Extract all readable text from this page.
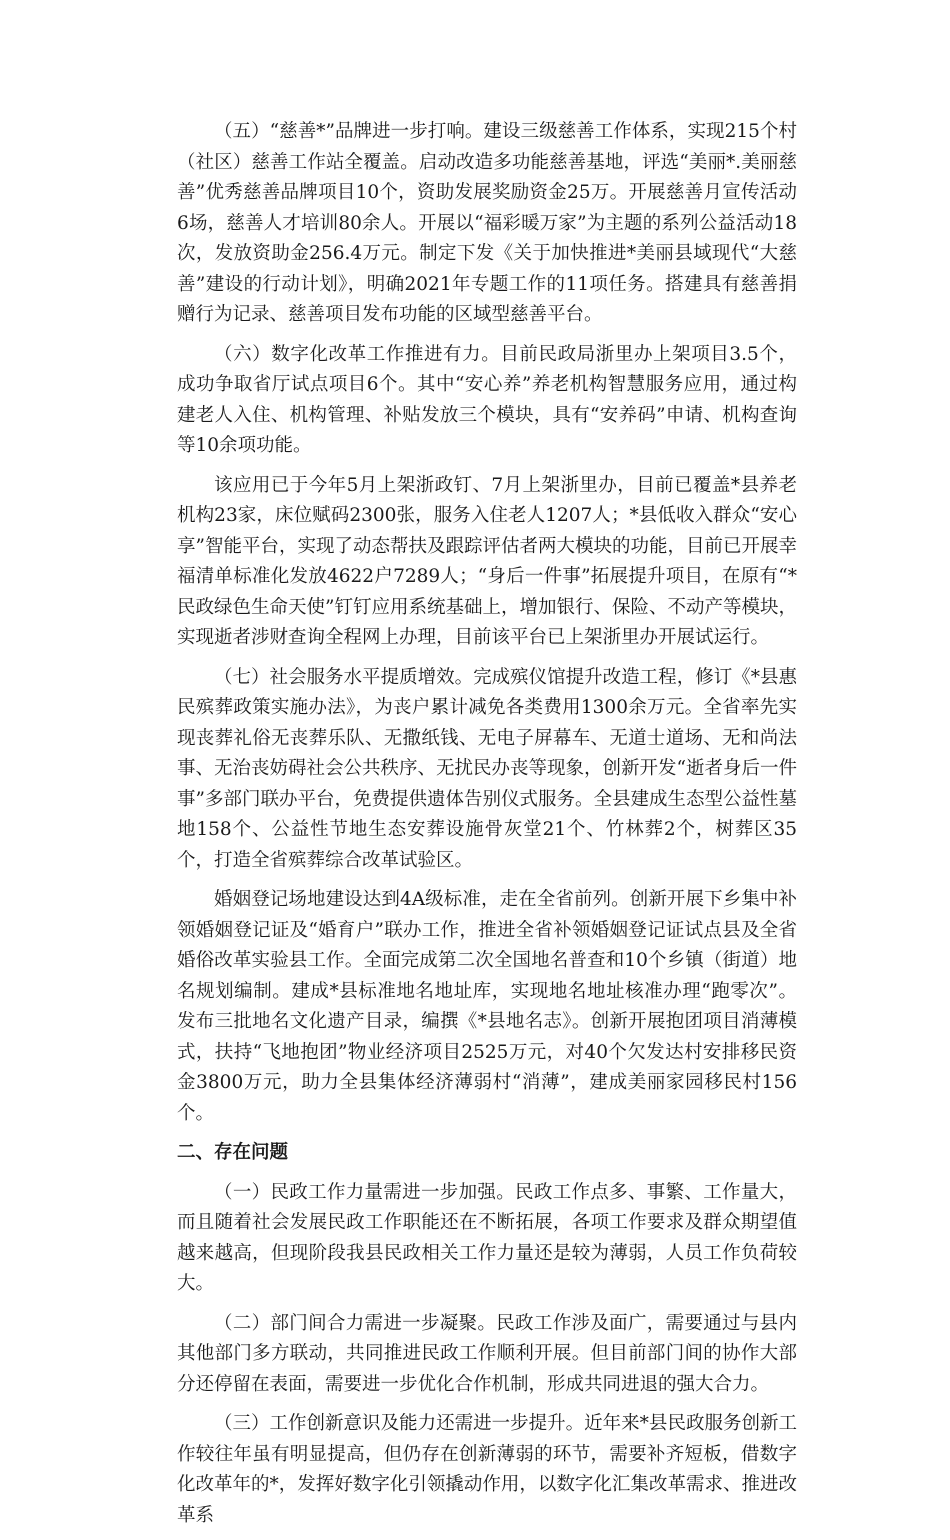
（五）“慈善*”品牌进一步打响。建设三级慈善工作体系，实现215个村（社区）慈善工作站全覆盖。启动改造多功能慈善基地，评选“美丽*.美丽慈善”优秀慈善品牌项目10个，资助发展奖励资金25万。开展慈善月宣传活动6场，慈善人才培训80余人。开展以“福彩暖万家”为主题的系列公益活动18次，发放资助金256.4万元。制定下发《关于加快推进*美丽县域现代“大慈善”建设的行动计划》，明确2021年专题工作的11项任务。搭建具有慈善捐赠行为记录、慈善项目发布功能的区域型慈善平台。

（六）数字化改革工作推进有力。目前民政局浙里办上架项目3.5个，成功争取省厅试点项目6个。其中“安心养”养老机构智慧服务应用，通过构建老人入住、机构管理、补贴发放三个模块，具有“安养码”申请、机构查询等10余项功能。

该应用已于今年5月上架浙政钉、7月上架浙里办，目前已覆盖*县养老机构23家，床位赋码2300张，服务入住老人1207人；*县低收入群众“安心享”智能平台，实现了动态帮扶及跟踪评估者两大模块的功能，目前已开展幸福清单标准化发放4622户7289人；“身后一件事”拓展提升项目，在原有“*民政绿色生命天使”钉钉应用系统基础上，增加银行、保险、不动产等模块，实现逝者涉财查询全程网上办理，目前该平台已上架浙里办开展试运行。

（七）社会服务水平提质增效。完成殡仪馆提升改造工程，修订《*县惠民殡葬政策实施办法》，为丧户累计减免各类费用1300余万元。全省率先实现丧葬礼俗无丧葬乐队、无撒纸钱、无电子屏幕车、无道士道场、无和尚法事、无治丧妨碍社会公共秩序、无扰民办丧等现象，创新开发“逝者身后一件事”多部门联办平台，免费提供遗体告别仪式服务。全县建成生态型公益性墓地158个、公益性节地生态安葬设施骨灰堂21个、竹林葬2个，树葬区35个，打造全省殡葬综合改革试验区。

婚姻登记场地建设达到4A级标准，走在全省前列。创新开展下乡集中补领婚姻登记证及“婚育户”联办工作，推进全省补领婚姻登记证试点县及全省婚俗改革实验县工作。全面完成第二次全国地名普查和10个乡镇（街道）地名规划编制。建成*县标准地名地址库，实现地名地址核准办理“跑零次”。发布三批地名文化遗产目录，编撰《*县地名志》。创新开展抱团项目消薄模式，扶持“飞地抱团”物业经济项目2525万元，对40个欠发达村安排移民资金3800万元，助力全县集体经济薄弱村“消薄”，建成美丽家园移民村156个。

二、存在问题

（一）民政工作力量需进一步加强。民政工作点多、事繁、工作量大，而且随着社会发展民政工作职能还在不断拓展，各项工作要求及群众期望值越来越高，但现阶段我县民政相关工作力量还是较为薄弱，人员工作负荷较大。

（二）部门间合力需进一步凝聚。民政工作涉及面广，需要通过与县内其他部门多方联动，共同推进民政工作顺利开展。但目前部门间的协作大部分还停留在表面，需要进一步优化合作机制，形成共同进退的强大合力。

（三）工作创新意识及能力还需进一步提升。近年来*县民政服务创新工作较往年虽有明显提高，但仍存在创新薄弱的环节，需要补齐短板，借数字化改革年的*，发挥好数字化引领撬动作用，以数字化汇集改革需求、推进改革系
